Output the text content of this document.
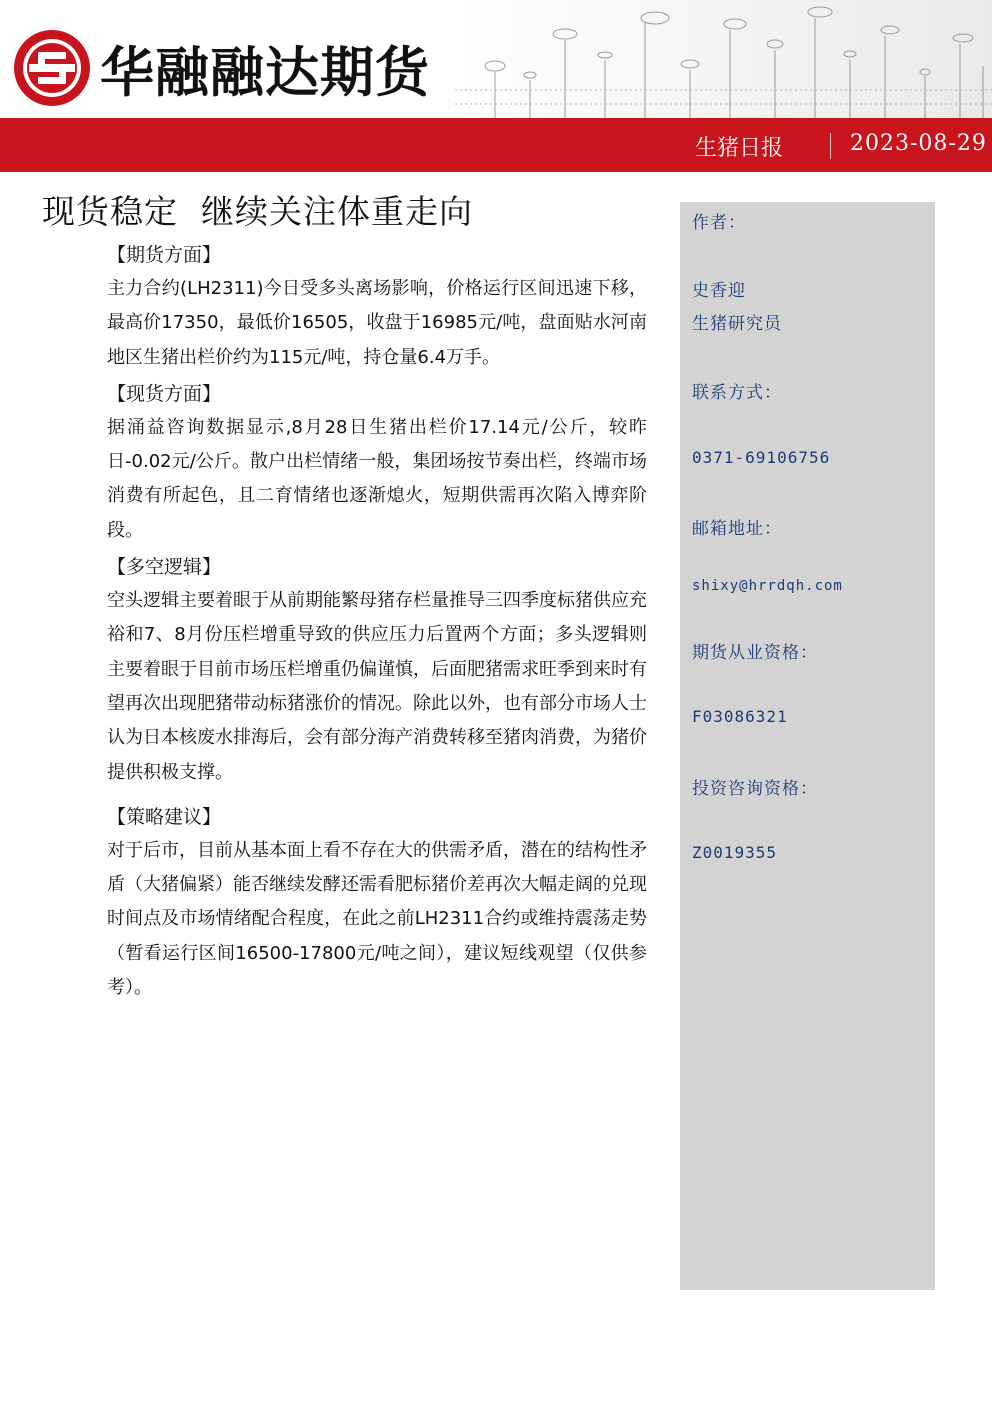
华融融达期货
生猪日报	2023-08-29
现货稳定  继续关注体重走向
【期货方面】

主力合约(LH2311)今日受多头离场影响，价格运行区间迅速下移，最高价17350，最低价16505，收盘于16985元/吨，盘面贴水河南地区生猪出栏价约为115元/吨，持仓量6.4万手。

【现货方面】

据涌益咨询数据显示,8月28日生猪出栏价17.14元/公斤，较昨日-0.02元/公斤。散户出栏情绪一般，集团场按节奏出栏，终端市场消费有所起色，且二育情绪也逐渐熄火，短期供需再次陷入博弈阶段。

【多空逻辑】

空头逻辑主要着眼于从前期能繁母猪存栏量推导三四季度标猪供应充裕和7、8月份压栏增重导致的供应压力后置两个方面；多头逻辑则主要着眼于目前市场压栏增重仍偏谨慎，后面肥猪需求旺季到来时有望再次出现肥猪带动标猪涨价的情况。除此以外，也有部分市场人士认为日本核废水排海后，会有部分海产消费转移至猪肉消费，为猪价提供积极支撑。

【策略建议】

对于后市，目前从基本面上看不存在大的供需矛盾，潜在的结构性矛盾（大猪偏紧）能否继续发酵还需看肥标猪价差再次大幅走阔的兑现时间点及市场情绪配合程度，在此之前LH2311合约或维持震荡走势（暂看运行区间16500-17800元/吨之间），建议短线观望（仅供参考）。

作者：
史香迎
生猪研究员
联系方式：
0371-69106756
邮箱地址：
shixy@hrrdqh.com
期货从业资格：
F03086321
投资咨询资格：
Z0019355
